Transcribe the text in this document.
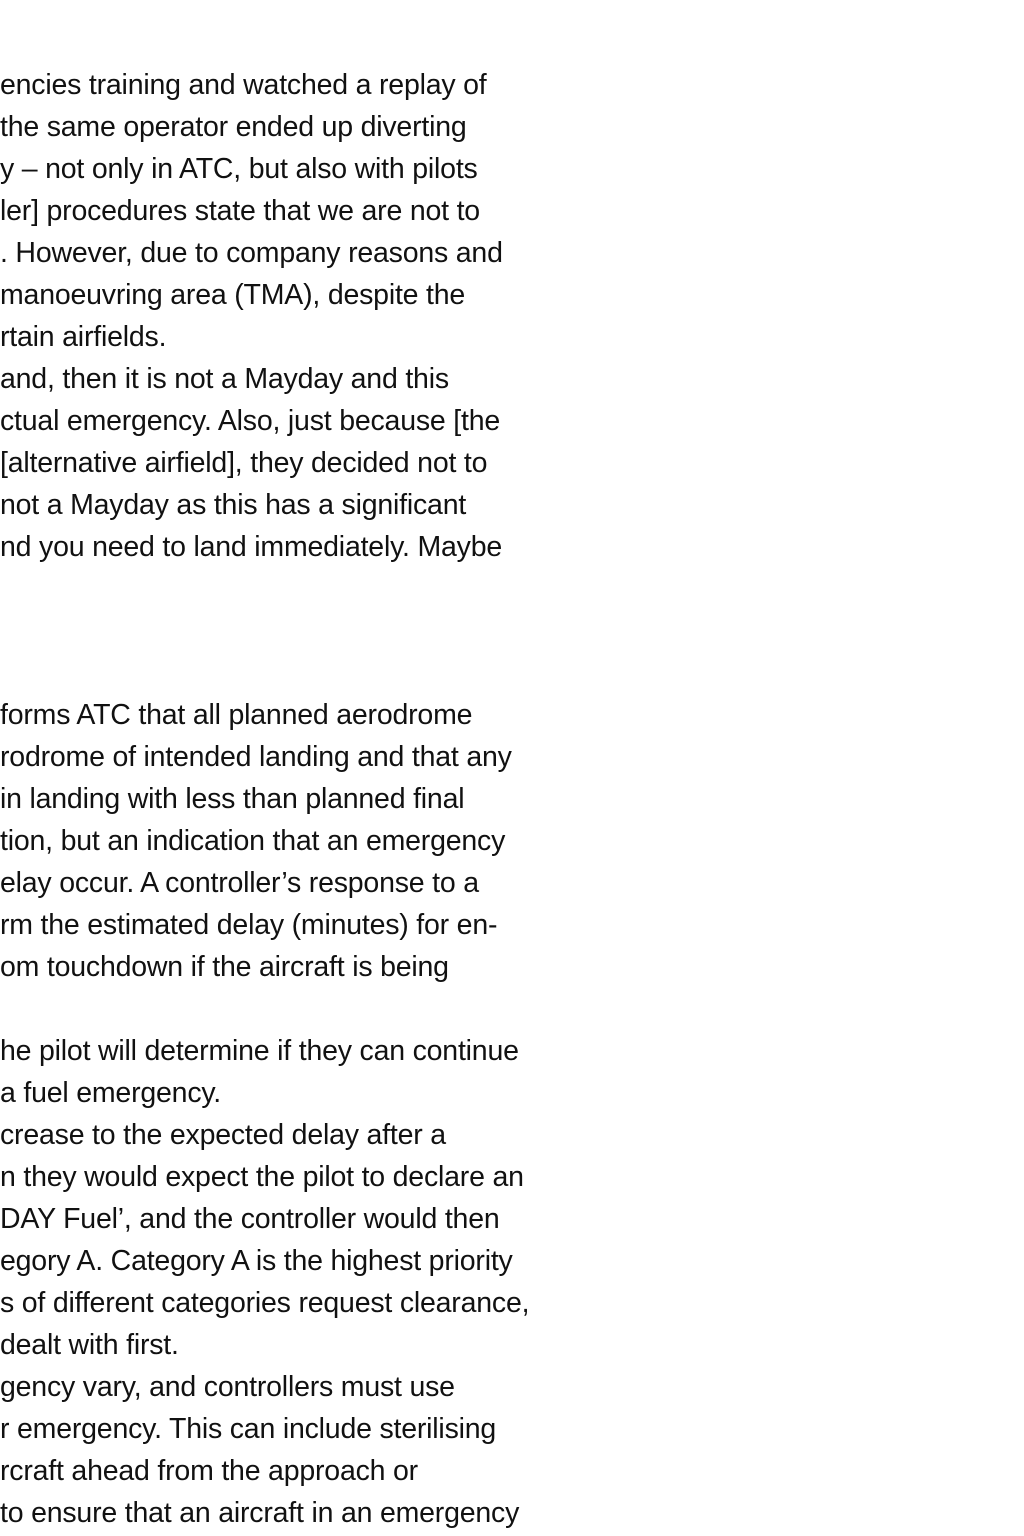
encies training and watched a replay of

the same operator ended up diverting

y – not only in ATC, but also with pilots

ler] procedures state that we are not to

. However, due to company reasons and

manoeuvring area (TMA), despite the

rtain airfields.

and, then it is not a Mayday and this

ctual emergency. Also, just because [the

[alternative airfield], they decided not to

not a Mayday as this has a significant

nd you need to land immediately. Maybe

forms ATC that all planned aerodrome

rodrome of intended landing and that any

in landing with less than planned final

tion, but an indication that an emergency

elay occur. A controller’s response to a

rm the estimated delay (minutes) for en-

om touchdown if the aircraft is being

he pilot will determine if they can continue

a fuel emergency.

crease to the expected delay after a

n they would expect the pilot to declare an

DAY Fuel’, and the controller would then

egory A. Category A is the highest priority

s of different categories request clearance,

dealt with first.

gency vary, and controllers must use

r emergency. This can include sterilising

rcraft ahead from the approach or

to ensure that an aircraft in an emergency
